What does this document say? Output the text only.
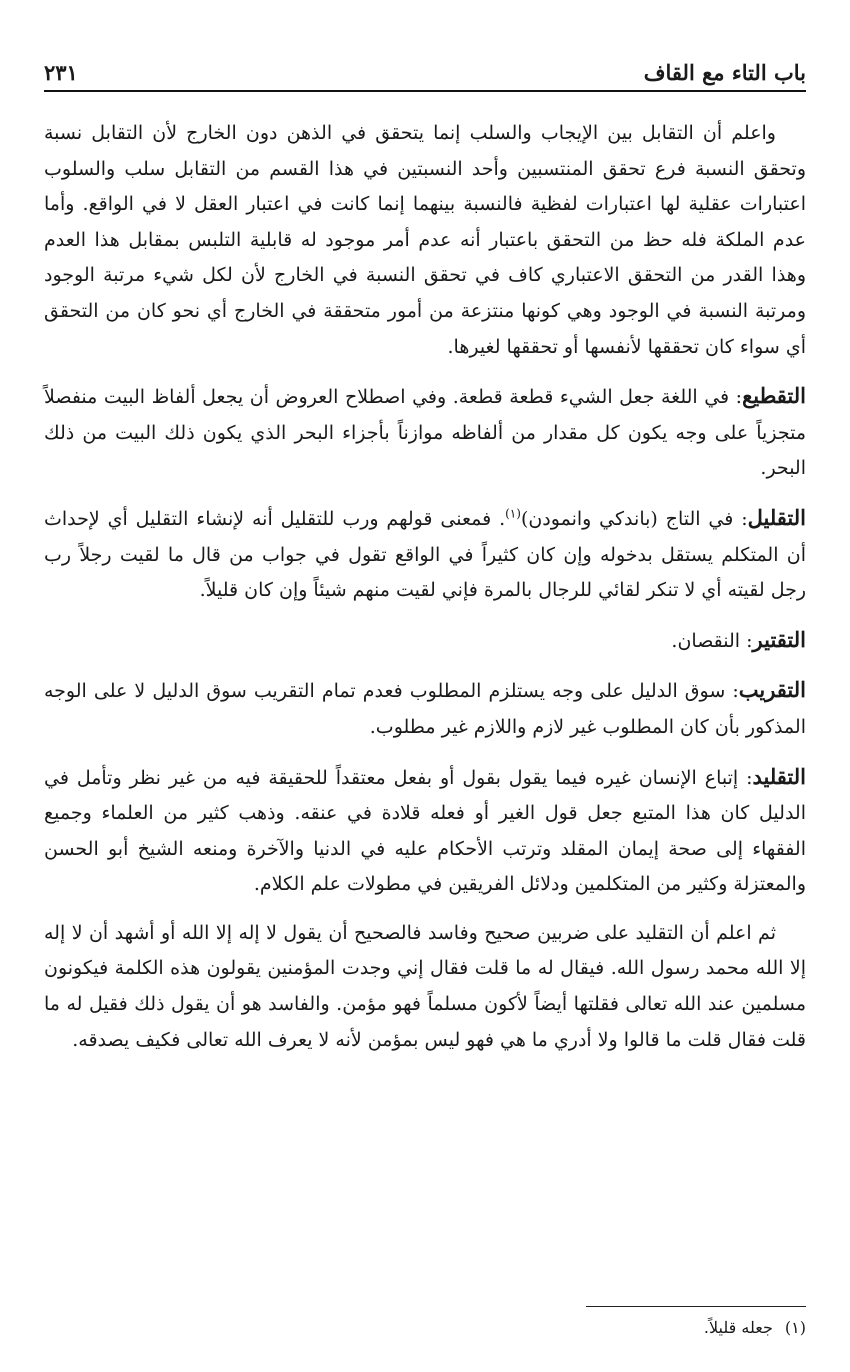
باب التاء مع القاف
٢٣١

واعلم أن التقابل بين الإيجاب والسلب إنما يتحقق في الذهن دون الخارج لأن التقابل نسبة وتحقق النسبة فرع تحقق المنتسبين وأحد النسبتين في هذا القسم من التقابل سلب والسلوب اعتبارات عقلية لها اعتبارات لفظية فالنسبة بينهما إنما كانت في اعتبار العقل لا في الواقع. وأما عدم الملكة فله حظ من التحقق باعتبار أنه عدم أمر موجود له قابلية التلبس بمقابل هذا العدم وهذا القدر من التحقق الاعتباري كاف في تحقق النسبة في الخارج لأن لكل شيء مرتبة الوجود ومرتبة النسبة في الوجود وهي كونها منتزعة من أمور متحققة في الخارج أي نحو كان من التحقق أي سواء كان تحققها لأنفسها أو تحققها لغيرها.

التقطيع: في اللغة جعل الشيء قطعة قطعة. وفي اصطلاح العروض أن يجعل ألفاظ البيت منفصلاً متجزياً على وجه يكون كل مقدار من ألفاظه موازناً بأجزاء البحر الذي يكون ذلك البيت من ذلك البحر.

التقليل: في التاج (باندكي وانمودن)$^{(١)}$. فمعنى قولهم ورب للتقليل أنه لإنشاء التقليل أي لإحداث أن المتكلم يستقل بدخوله وإن كان كثيراً في الواقع تقول في جواب من قال ما لقيت رجلاً رب رجل لقيته أي لا تنكر لقائي للرجال بالمرة فإني لقيت منهم شيئاً وإن كان قليلاً.

التقتير: النقصان.

التقريب: سوق الدليل على وجه يستلزم المطلوب فعدم تمام التقريب سوق الدليل لا على الوجه المذكور بأن كان المطلوب غير لازم واللازم غير مطلوب.

التقليد: إتباع الإنسان غيره فيما يقول بقول أو بفعل معتقداً للحقيقة فيه من غير نظر وتأمل في الدليل كان هذا المتبع جعل قول الغير أو فعله قلادة في عنقه. وذهب كثير من العلماء وجميع الفقهاء إلى صحة إيمان المقلد وترتب الأحكام عليه في الدنيا والآخرة ومنعه الشيخ أبو الحسن والمعتزلة وكثير من المتكلمين ودلائل الفريقين في مطولات علم الكلام.

ثم اعلم أن التقليد على ضربين صحيح وفاسد فالصحيح أن يقول لا إله إلا الله أو أشهد أن لا إله إلا الله محمد رسول الله. فيقال له ما قلت فقال إني وجدت المؤمنين يقولون هذه الكلمة فيكونون مسلمين عند الله تعالى فقلتها أيضاً لأكون مسلماً فهو مؤمن. والفاسد هو أن يقول ذلك فقيل له ما قلت فقال قلت ما قالوا ولا أدري ما هي فهو ليس بمؤمن لأنه لا يعرف الله تعالى فكيف يصدقه.

(١)جعله قليلاً.
